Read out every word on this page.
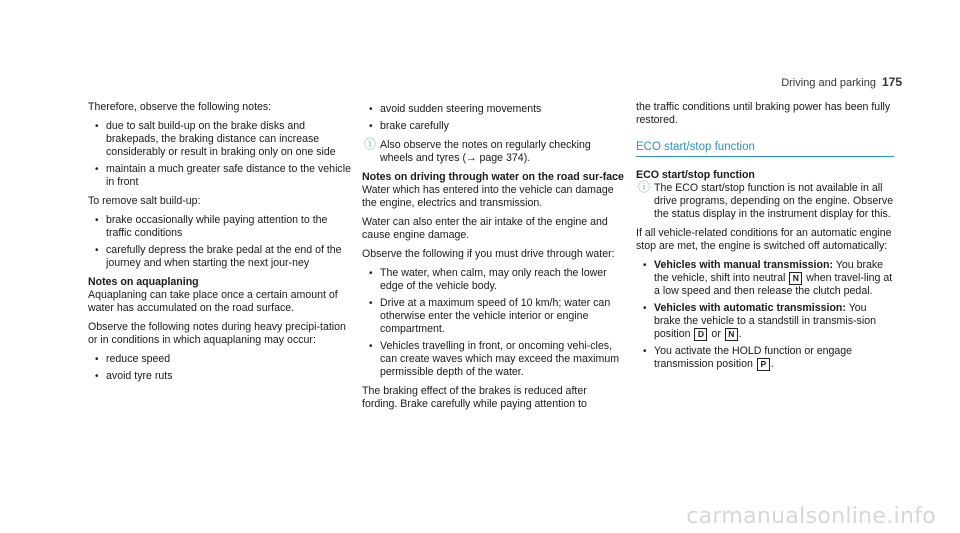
Driving and parking 175

Therefore, observe the following notes:

• due to salt build-up on the brake disks and brakepads, the braking distance can increase considerably or result in braking only on one side
• maintain a much greater safe distance to the vehicle in front

To remove salt build-up:

• brake occasionally while paying attention to the traffic conditions
• carefully depress the brake pedal at the end of the journey and when starting the next jour-ney

Notes on aquaplaning

Aquaplaning can take place once a certain amount of water has accumulated on the road surface.

Observe the following notes during heavy precipi-tation or in conditions in which aquaplaning may occur:

• reduce speed
• avoid tyre ruts
• avoid sudden steering movements
• brake carefully
ⓘ Also observe the notes on regularly checking wheels and tyres (→ page 374).

Notes on driving through water on the road sur-face

Water which has entered into the vehicle can damage the engine, electrics and transmission.

Water can also enter the air intake of the engine and cause engine damage.

Observe the following if you must drive through water:

• The water, when calm, may only reach the lower edge of the vehicle body.
• Drive at a maximum speed of 10 km/h; water can otherwise enter the vehicle interior or engine compartment.
• Vehicles travelling in front, or oncoming vehi-cles, can create waves which may exceed the maximum permissible depth of the water.

The braking effect of the brakes is reduced after fording. Brake carefully while paying attention to

the traffic conditions until braking power has been fully restored.

ECO start/stop function

ECO start/stop function

ⓘ The ECO start/stop function is not available in all drive programs, depending on the engine. Observe the status display in the instrument display for this.

If all vehicle-related conditions for an automatic engine stop are met, the engine is switched off automatically:

• Vehicles with manual transmission: You brake the vehicle, shift into neutral N when travel-ling at a low speed and then release the clutch pedal.
• Vehicles with automatic transmission: You brake the vehicle to a standstill in transmis-sion position D or N .
• You activate the HOLD function or engage transmission position P .
carmanualsonline.info
